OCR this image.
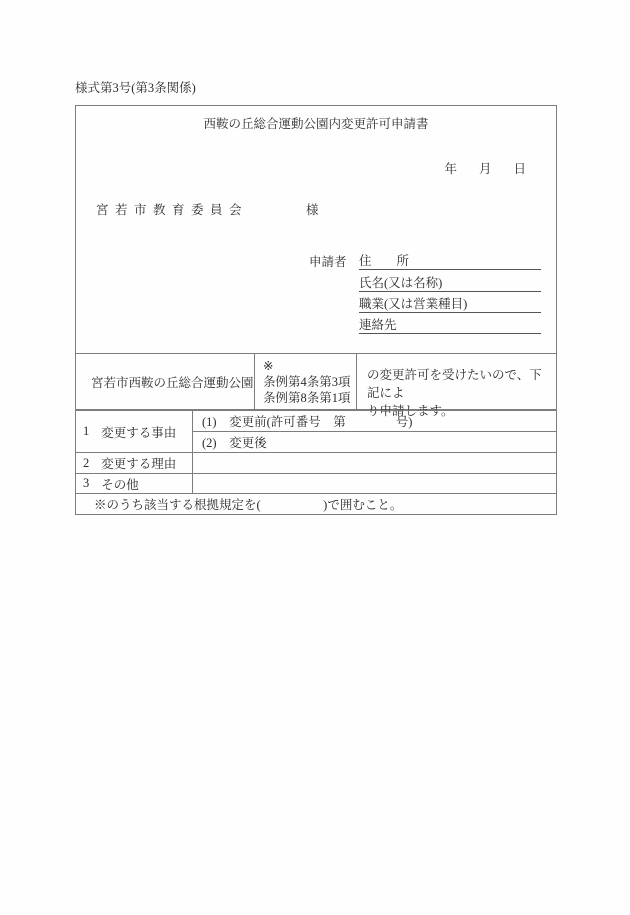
様式第3号(第3条関係)
西鞍の丘総合運動公園内変更許可申請書
年 月 日
宮若市教育委員会	様
申請者 住　　所
氏名(又は名称)
職業(又は営業種目)
連絡先
宮若市西鞍の丘総合運動公園
※
条例第4条第3項
条例第8条第1項
の変更許可を受けたいので、下記によ
り申請します。
1 変更する事由
(1)　変更前(許可番号　第　　　　号)
(2)　変更後
2 変更する理由
3 その他
※のうち該当する根拠規定を(　　　　　)で囲むこと。
